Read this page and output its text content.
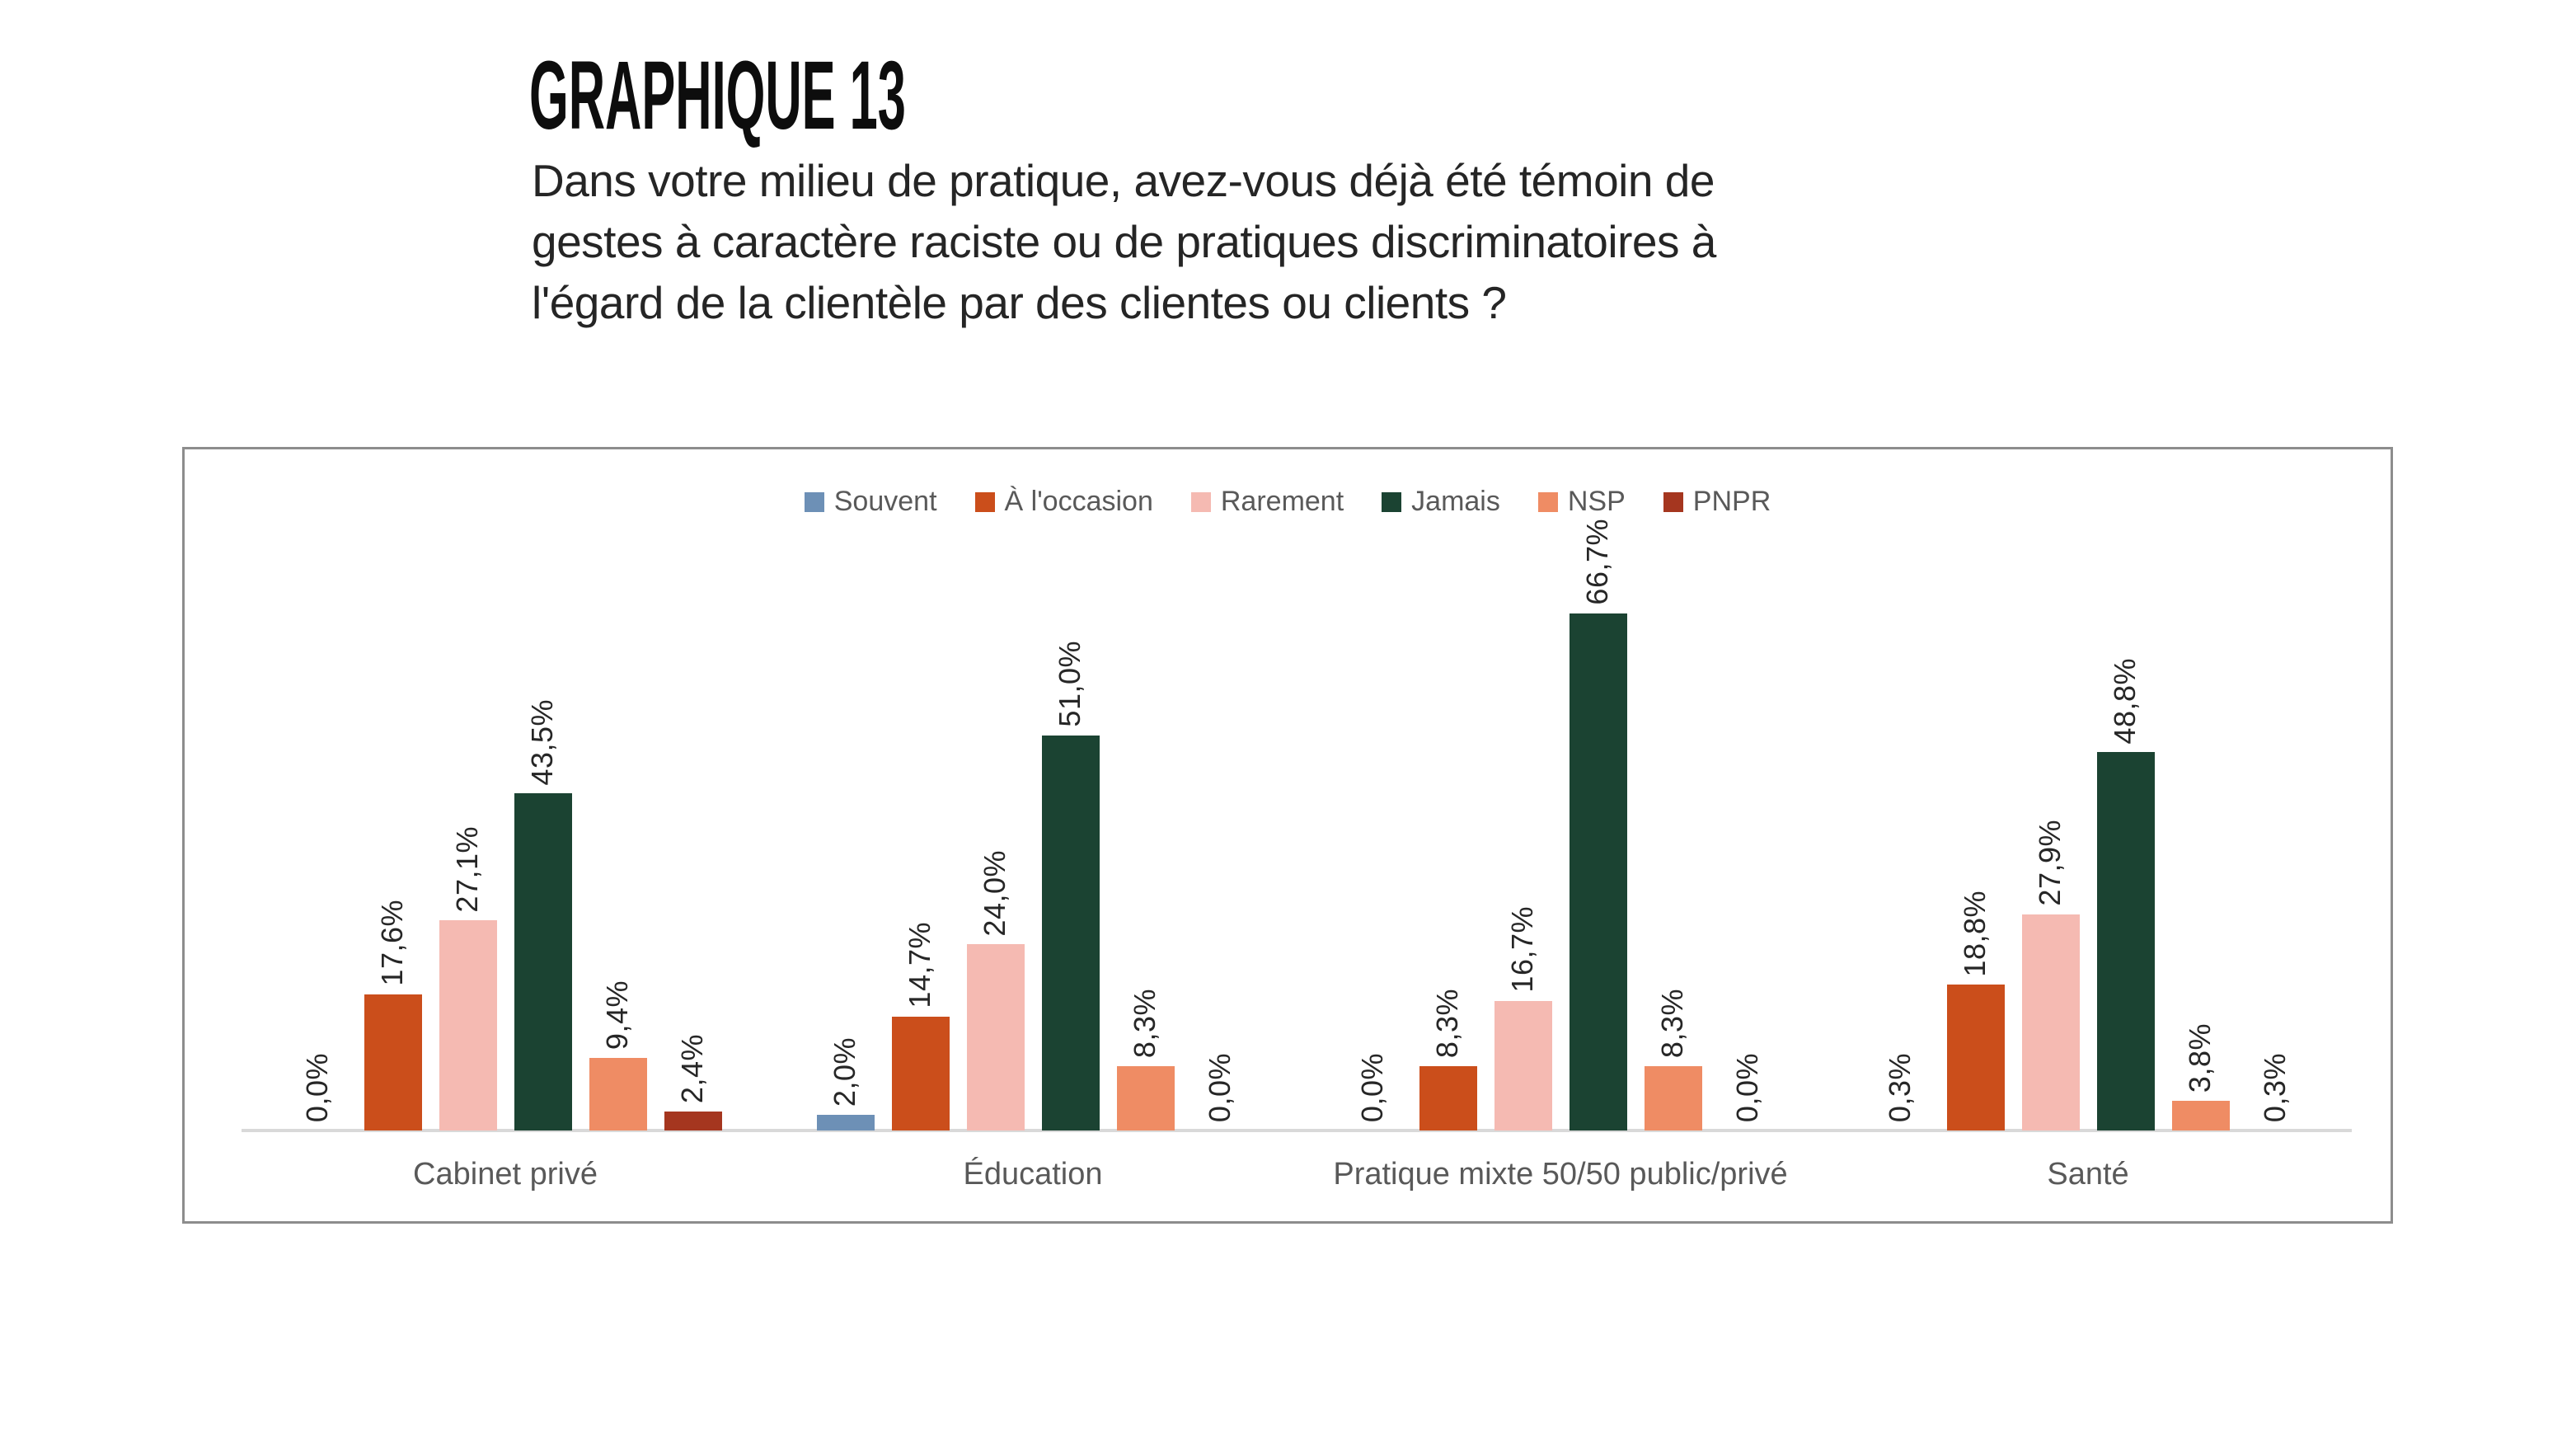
GRAPHIQUE 13
Dans votre milieu de pratique, avez-vous déjà été témoin de
gestes à caractère raciste ou de pratiques discriminatoires à
l'égard de la clientèle par des clientes ou clients ?
Souvent À l'occasion Rarement Jamais NSP PNPR
0,0%
17,6%
27,1%
43,5%
9,4%
2,4%
Cabinet privé
2,0%
14,7%
24,0%
51,0%
8,3%
0,0%
Éducation
0,0%
8,3%
16,7%
66,7%
8,3%
0,0%
Pratique mixte 50/50 public/privé
0,3%
18,8%
27,9%
48,8%
3,8% 0,3%
Santé
